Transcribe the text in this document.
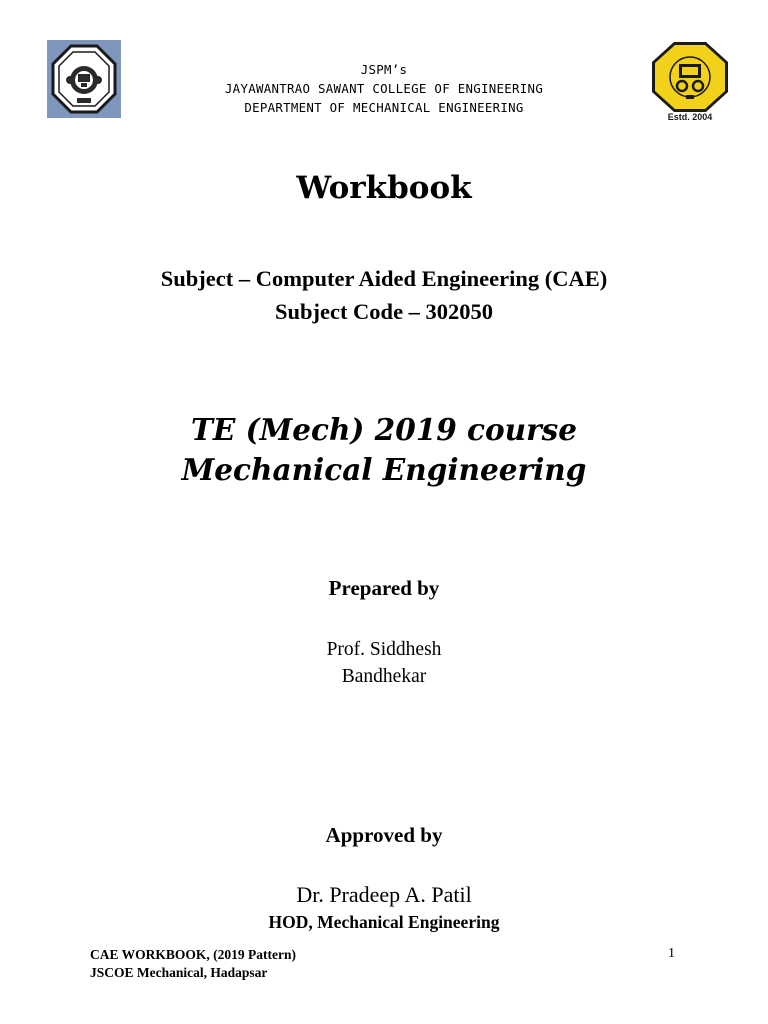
Estd. 2004
JSPM’s
JAYAWANTRAO SAWANT COLLEGE OF ENGINEERING
DEPARTMENT OF MECHANICAL ENGINEERING
Workbook
Subject – Computer Aided Engineering (CAE)
Subject Code – 302050
TE (Mech) 2019 course
Mechanical Engineering
Prepared by
Prof. Siddhesh
Bandhekar
Approved by
Dr. Pradeep A. Patil
HOD, Mechanical Engineering
CAE WORKBOOK, (2019 Pattern)
JSCOE Mechanical, Hadapsar
1
